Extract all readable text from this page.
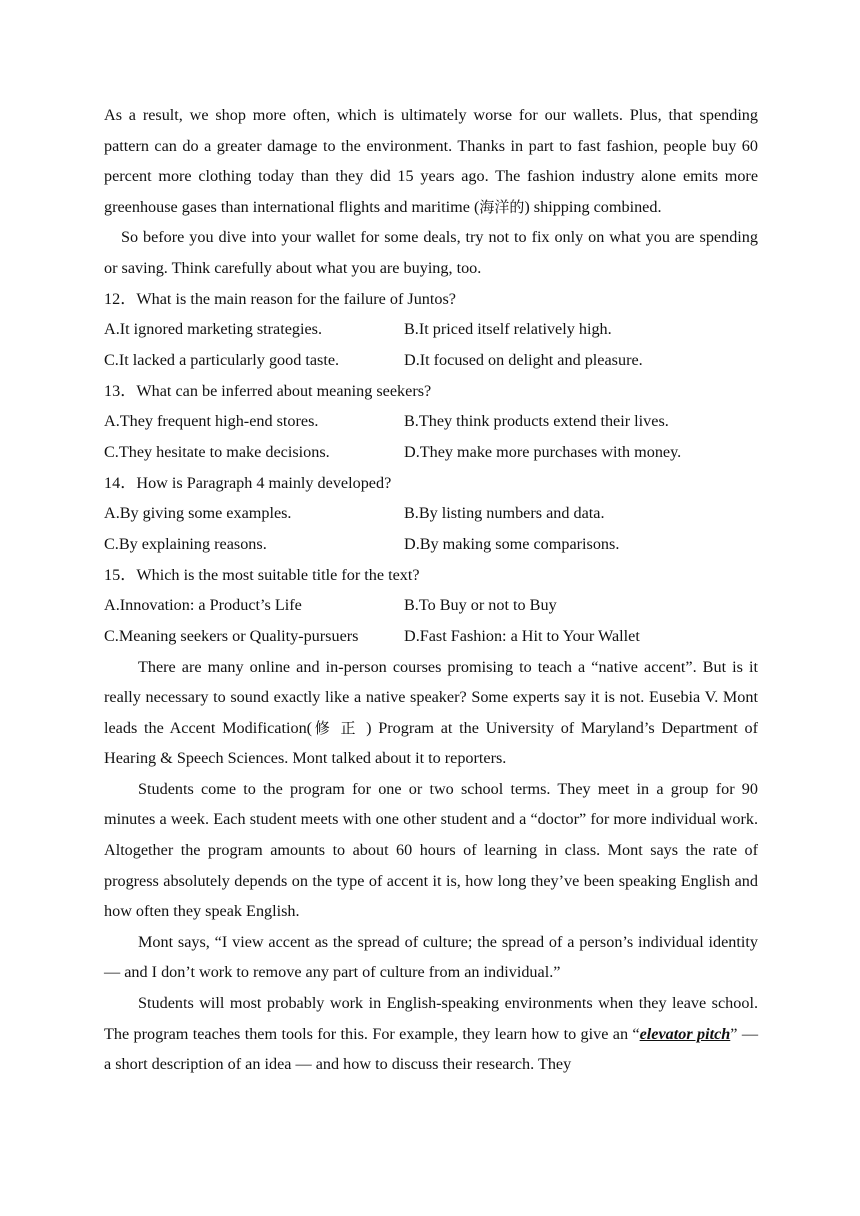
As a result, we shop more often, which is ultimately worse for our wallets. Plus, that spending pattern can do a greater damage to the environment. Thanks in part to fast fashion, people buy 60 percent more clothing today than they did 15 years ago. The fashion industry alone emits more greenhouse gases than international flights and maritime (海洋的) shipping combined.

So before you dive into your wallet for some deals, try not to fix only on what you are spending or saving. Think carefully about what you are buying, too.

12． What is the main reason for the failure of Juntos?
A.It ignored marketing strategies.	B.It priced itself relatively high.
C.It lacked a particularly good taste.	D.It focused on delight and pleasure.
13． What can be inferred about meaning seekers?
A.They frequent high-end stores.	B.They think products extend their lives.
C.They hesitate to make decisions.	D.They make more purchases with money.
14． How is Paragraph 4 mainly developed?
A.By giving some examples.	B.By listing numbers and data.
C.By explaining reasons.	D.By making some comparisons.
15． Which is the most suitable title for the text?
A.Innovation: a Product’s Life	B.To Buy or not to Buy
C.Meaning seekers or Quality-pursuers	D.Fast Fashion: a Hit to Your Wallet

There are many online and in-person courses promising to teach a “native accent”. But is it really necessary to sound exactly like a native speaker? Some experts say it is not. Eusebia V. Mont leads the Accent Modification(修正) Program at the University of Maryland’s Department of Hearing & Speech Sciences. Mont talked about it to reporters.

Students come to the program for one or two school terms. They meet in a group for 90 minutes a week. Each student meets with one other student and a “doctor” for more individual work. Altogether the program amounts to about 60 hours of learning in class. Mont says the rate of progress absolutely depends on the type of accent it is, how long they’ve been speaking English and how often they speak English.

Mont says, “I view accent as the spread of culture; the spread of a person’s individual identity — and I don’t work to remove any part of culture from an individual.”

Students will most probably work in English-speaking environments when they leave school. The program teaches them tools for this. For example, they learn how to give an “elevator pitch” — a short description of an idea — and how to discuss their research. They
